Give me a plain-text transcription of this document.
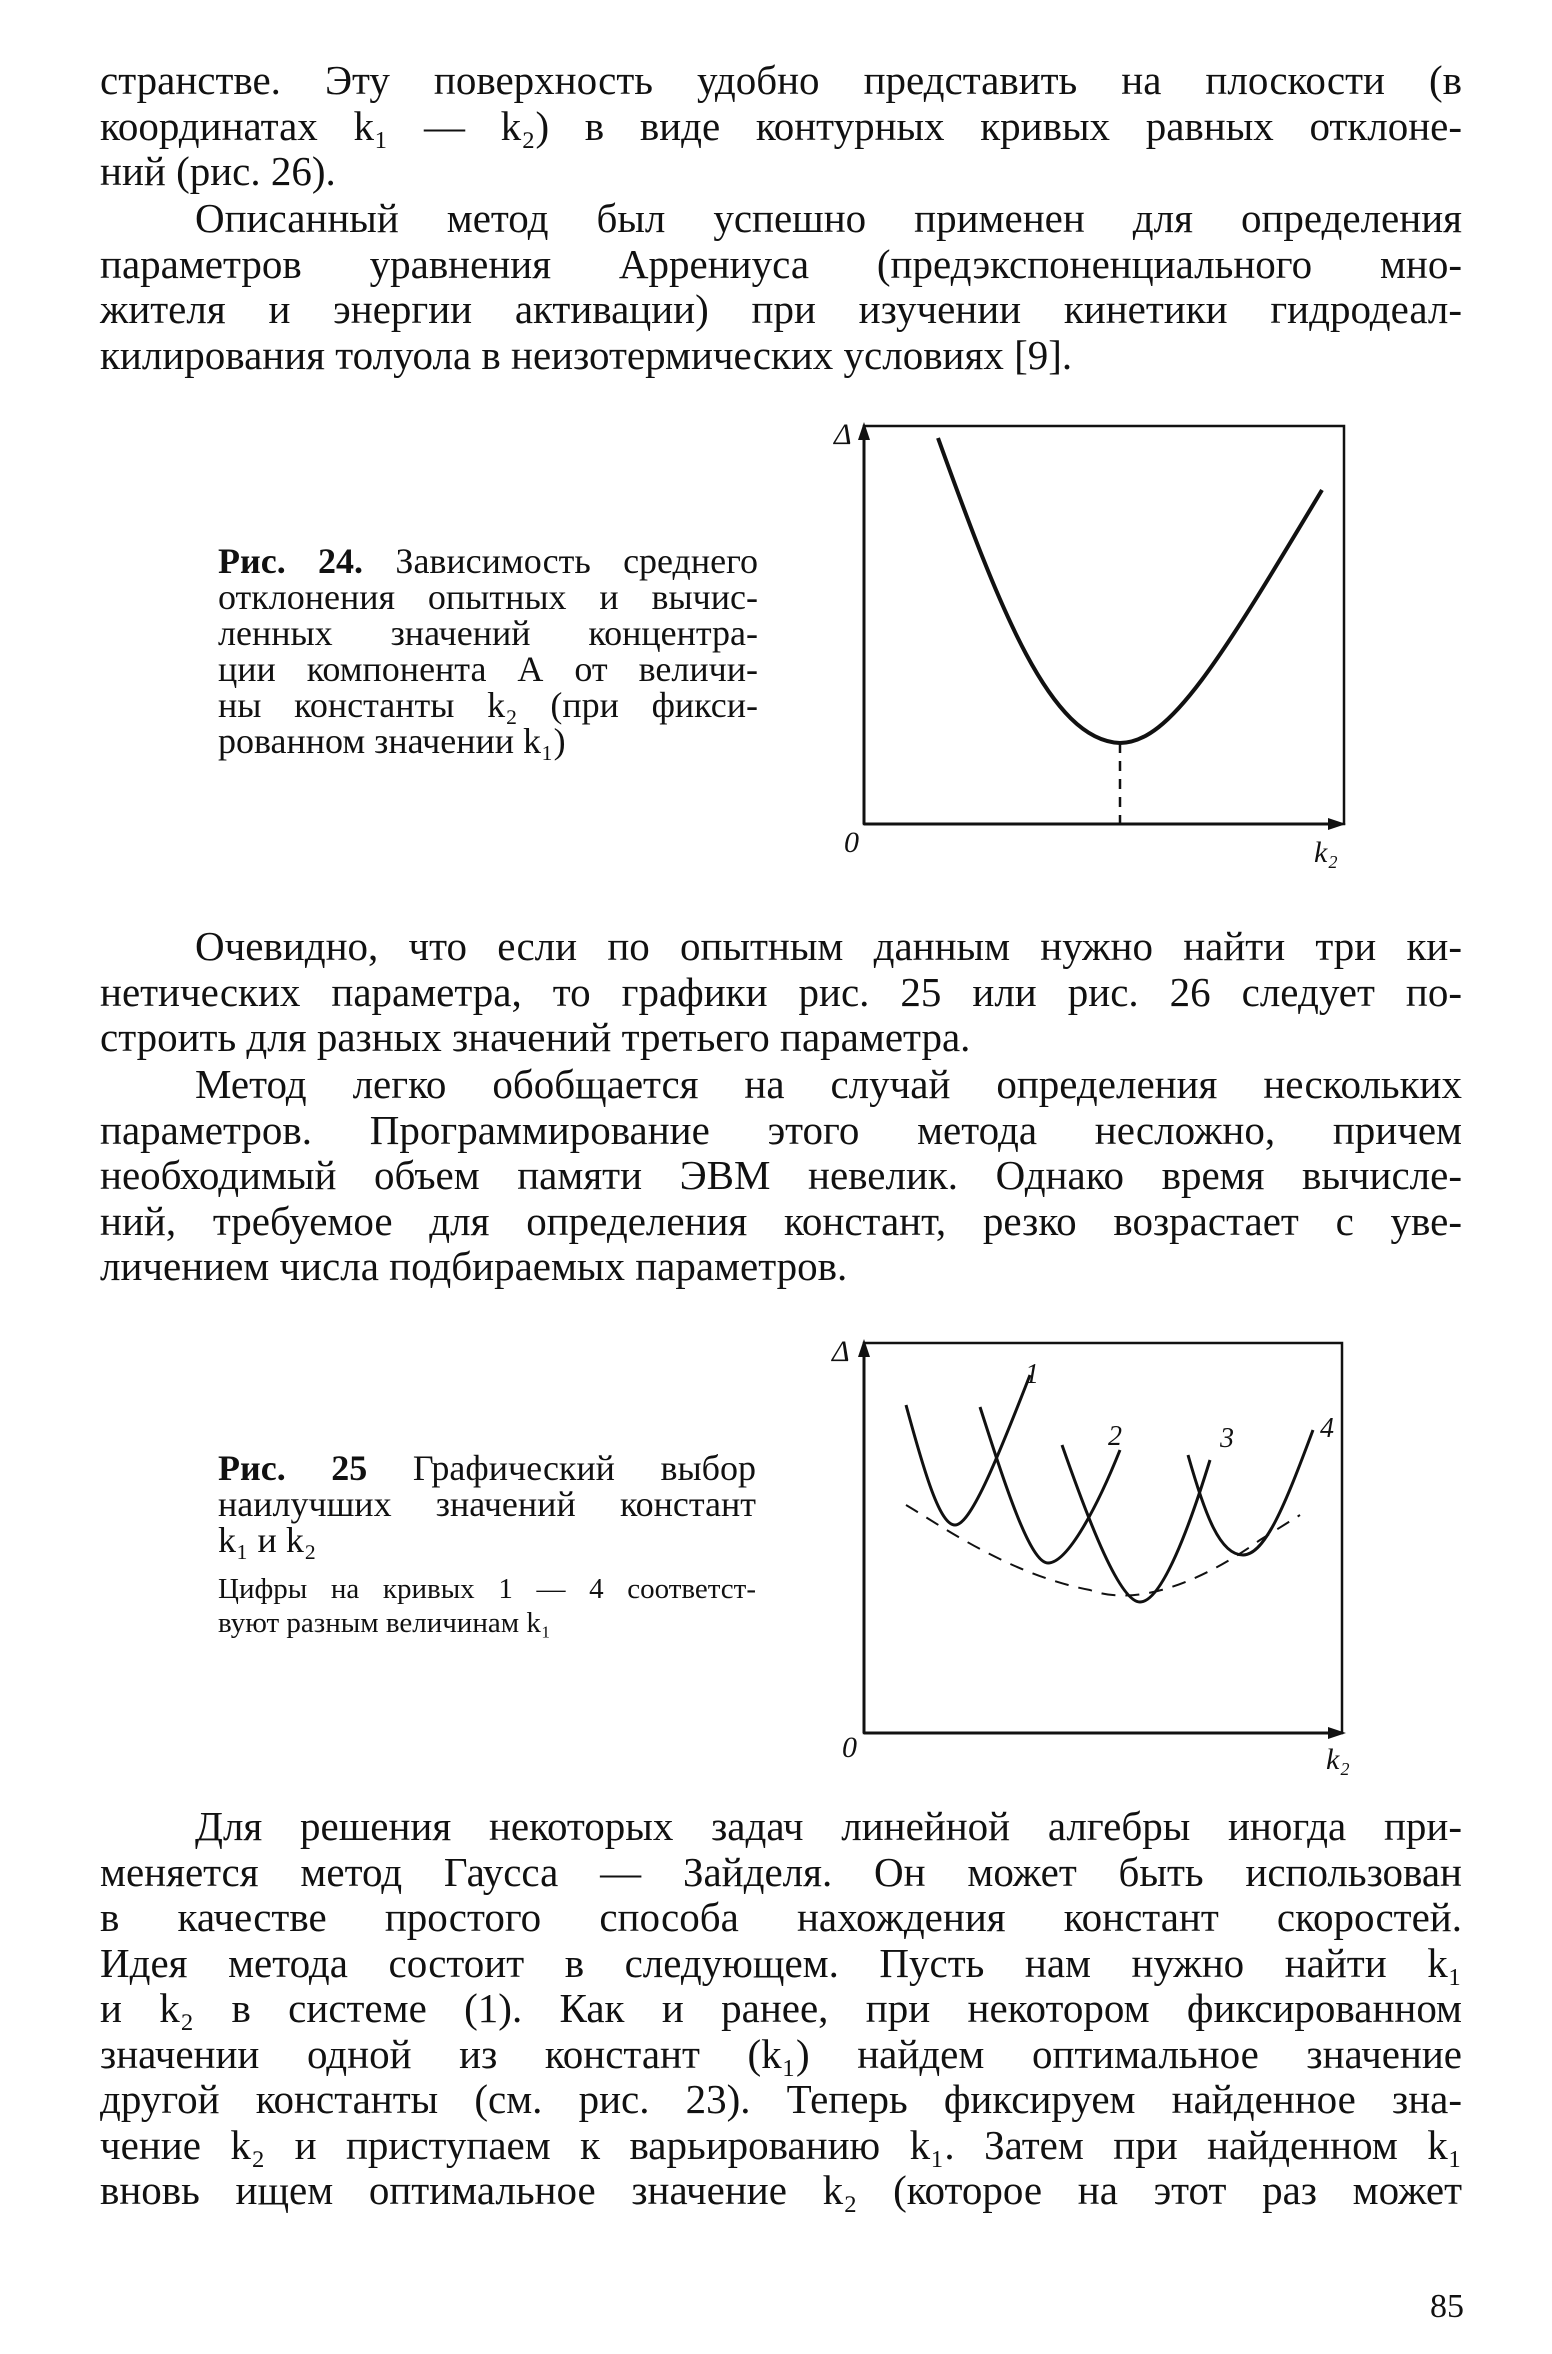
странстве. Эту поверхность удобно представить на плоскости (в
координатах k₁ — k₂) в виде контурных кривых равных отклоне-
ний (рис. 26).
Описанный метод был успешно применен для определения
параметров уравнения Аррениуса (предэкспоненциального мно-
жителя и энергии активации) при изучении кинетики гидродеал-
килирования толуола в неизотермических условиях [9].
Рис. 24. Зависимость среднего
отклонения опытных и вычис-
ленных значений концентра-
ции компонента А от величи-
ны константы k₂ (при фикси-
рованном значении k₁)
Δ
0	k₂
Очевидно, что если по опытным данным нужно найти три ки-
нетических параметра, то графики рис. 25 или рис. 26 следует по-
строить для разных значений третьего параметра.
Метод легко обобщается на случай определения нескольких
параметров. Программирование этого метода несложно, причем
необходимый объем памяти ЭВМ невелик. Однако время вычисле-
ний, требуемое для определения констант, резко возрастает с уве-
личением числа подбираемых параметров.
Рис. 25 Графический выбор
наилучших значений констант
k₁ и k₂
Цифры на кривых 1 — 4 соответст-
вуют разным величинам k₁
Δ
0	k₂
1
2	3	4
Для решения некоторых задач линейной алгебры иногда при-
меняется метод Гаусса — Зайделя. Он может быть использован
в качестве простого способа нахождения констант скоростей.
Идея метода состоит в следующем. Пусть нам нужно найти k₁
и k₂ в системе (1). Как и ранее, при некотором фиксированном
значении одной из констант (k₁) найдем оптимальное значение
другой константы (см. рис. 23). Теперь фиксируем найденное зна-
чение k₂ и приступаем к варьированию k₁. Затем при найденном k₁
вновь ищем оптимальное значение k₂ (которое на этот раз может
85
